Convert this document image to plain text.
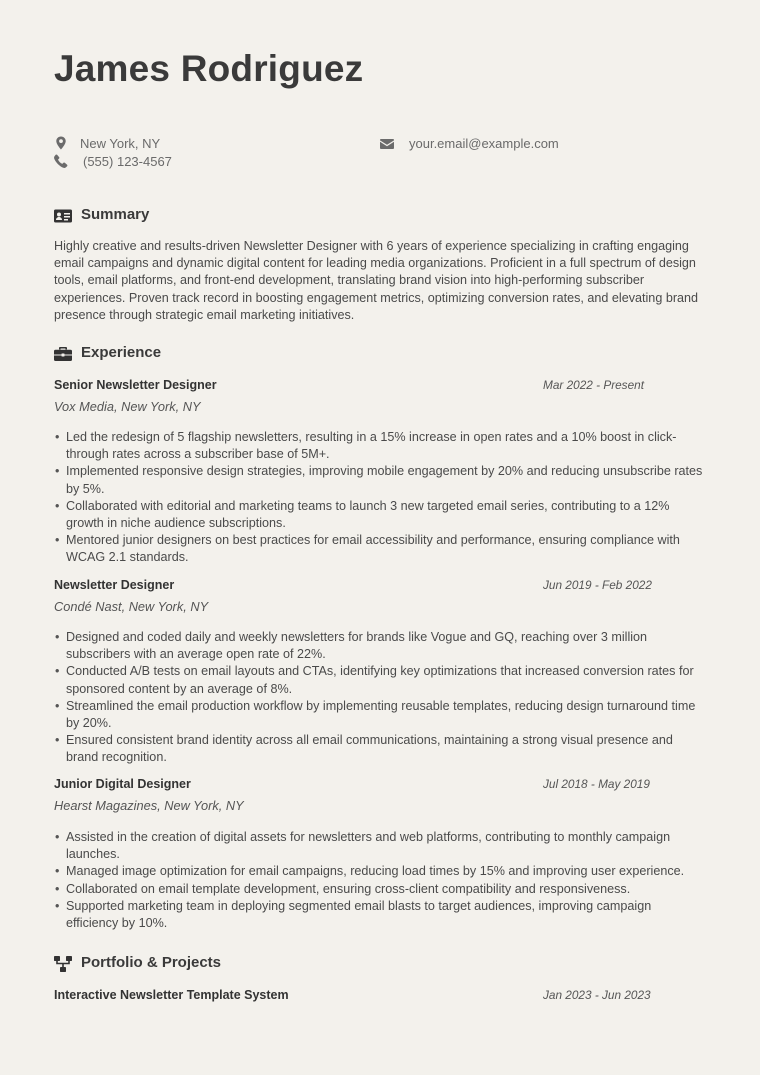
James Rodriguez
New York, NY
(555) 123-4567
your.email@example.com
Summary

Highly creative and results-driven Newsletter Designer with 6 years of experience specializing in crafting engaging email campaigns and dynamic digital content for leading media organizations. Proficient in a full spectrum of design tools, email platforms, and front-end development, translating brand vision into high-performing subscriber experiences. Proven track record in boosting engagement metrics, optimizing conversion rates, and elevating brand presence through strategic email marketing initiatives.

Experience
Senior Newsletter Designer	Mar 2022 - Present
Vox Media, New York, NY
• Led the redesign of 5 flagship newsletters, resulting in a 15% increase in open rates and a 10% boost in click-through rates across a subscriber base of 5M+.
• Implemented responsive design strategies, improving mobile engagement by 20% and reducing unsubscribe rates by 5%.
• Collaborated with editorial and marketing teams to launch 3 new targeted email series, contributing to a 12% growth in niche audience subscriptions.
• Mentored junior designers on best practices for email accessibility and performance, ensuring compliance with WCAG 2.1 standards.
Newsletter Designer	Jun 2019 - Feb 2022
Condé Nast, New York, NY
• Designed and coded daily and weekly newsletters for brands like Vogue and GQ, reaching over 3 million subscribers with an average open rate of 22%.
• Conducted A/B tests on email layouts and CTAs, identifying key optimizations that increased conversion rates for sponsored content by an average of 8%.
• Streamlined the email production workflow by implementing reusable templates, reducing design turnaround time by 20%.
• Ensured consistent brand identity across all email communications, maintaining a strong visual presence and brand recognition.
Junior Digital Designer	Jul 2018 - May 2019
Hearst Magazines, New York, NY
• Assisted in the creation of digital assets for newsletters and web platforms, contributing to monthly campaign launches.
• Managed image optimization for email campaigns, reducing load times by 15% and improving user experience.
• Collaborated on email template development, ensuring cross-client compatibility and responsiveness.
• Supported marketing team in deploying segmented email blasts to target audiences, improving campaign efficiency by 10%.
Portfolio & Projects
Interactive Newsletter Template System	Jan 2023 - Jun 2023
